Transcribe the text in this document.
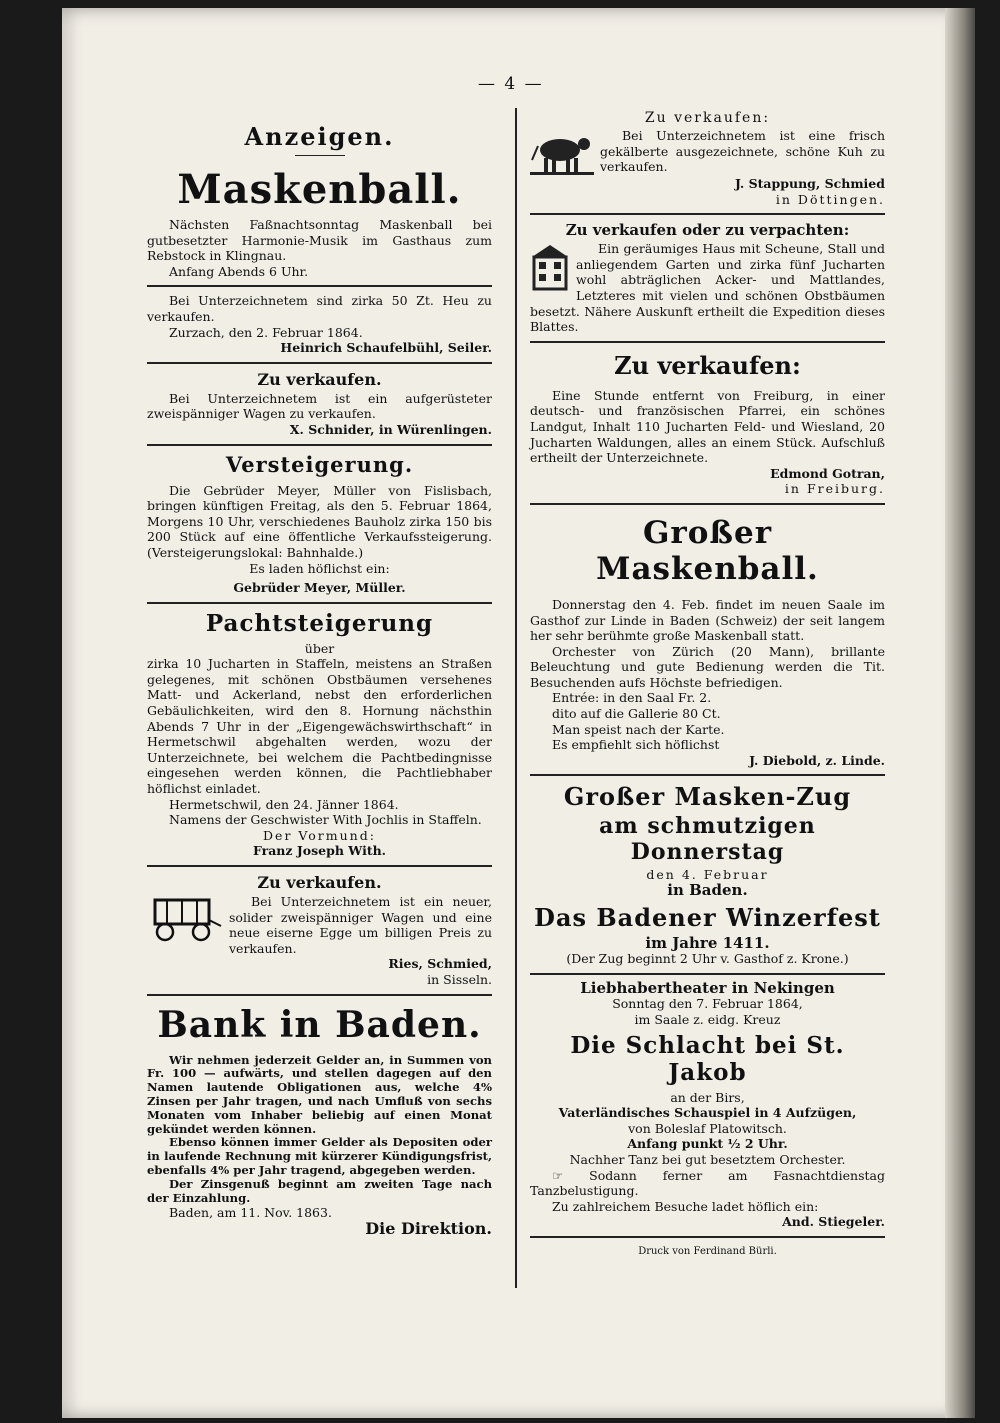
— 4 —
Anzeigen.
Maskenball.

Nächsten Faßnachtsonntag Maskenball bei gutbesetzter Harmonie-Musik im Gasthaus zum Rebstock in Klingnau.

Anfang Abends 6 Uhr.

Bei Unterzeichnetem sind zirka 50 Zt. Heu zu verkaufen.

Zurzach, den 2. Februar 1864.

Heinrich Schaufelbühl, Seiler.

Zu verkaufen.

Bei Unterzeichnetem ist ein aufgerüsteter zweispänniger Wagen zu verkaufen.

X. Schnider, in Würenlingen.

Versteigerung.

Die Gebrüder Meyer, Müller von Fislisbach, bringen künftigen Freitag, als den 5. Februar 1864, Morgens 10 Uhr, verschiedenes Bauholz zirka 150 bis 200 Stück auf eine öffentliche Verkaufssteigerung. (Versteigerungslokal: Bahnhalde.)

Es laden höflichst ein:

Gebrüder Meyer, Müller.

Pachtsteigerung

über

zirka 10 Jucharten in Staffeln, meistens an Straßen gelegenes, mit schönen Obstbäumen versehenes Matt- und Ackerland, nebst den erforderlichen Gebäulichkeiten, wird den 8. Hornung nächsthin Abends 7 Uhr in der „Eigengewächswirthschaft“ in Hermetschwil abgehalten werden, wozu der Unterzeichnete, bei welchem die Pachtbedingnisse eingesehen werden können, die Pachtliebhaber höflichst einladet.

Hermetschwil, den 24. Jänner 1864.

Namens der Geschwister With Jochlis in Staffeln.

Der Vormund:

Franz Joseph With.

Zu verkaufen.

Bei Unterzeichnetem ist ein neuer, solider zweispänniger Wagen und eine neue eiserne Egge um billigen Preis zu verkaufen.

Ries, Schmied,

in Sisseln.

Bank in Baden.

Wir nehmen jederzeit Gelder an, in Summen von Fr. 100 — aufwärts, und stellen dagegen auf den Namen lautende Obligationen aus, welche 4% Zinsen per Jahr tragen, und nach Umfluß von sechs Monaten vom Inhaber beliebig auf einen Monat gekündet werden können.

Ebenso können immer Gelder als Depositen oder in laufende Rechnung mit kürzerer Kündigungsfrist, ebenfalls 4% per Jahr tragend, abgegeben werden.

Der Zinsgenuß beginnt am zweiten Tage nach der Einzahlung.

Baden, am 11. Nov. 1863.

Die Direktion.

Zu verkaufen:

Bei Unterzeichnetem ist eine frisch gekälberte ausgezeichnete, schöne Kuh zu verkaufen.

J. Stappung, Schmied

in Döttingen.

Zu verkaufen oder zu verpachten:

Ein geräumiges Haus mit Scheune, Stall und anliegendem Garten und zirka fünf Jucharten wohl abträglichen Acker- und Mattlandes, Letzteres mit vielen und schönen Obstbäumen besetzt. Nähere Auskunft ertheilt die Expedition dieses Blattes.

Zu verkaufen:

Eine Stunde entfernt von Freiburg, in einer deutsch- und französischen Pfarrei, ein schönes Landgut, Inhalt 110 Jucharten Feld- und Wiesland, 20 Jucharten Waldungen, alles an einem Stück. Aufschluß ertheilt der Unterzeichnete.

Edmond Gotran,

in Freiburg.

Großer Maskenball.

Donnerstag den 4. Feb. findet im neuen Saale im Gasthof zur Linde in Baden (Schweiz) der seit langem her sehr berühmte große Maskenball statt.

Orchester von Zürich (20 Mann), brillante Beleuchtung und gute Bedienung werden die Tit. Besuchenden aufs Höchste befriedigen.

Entrée: in den Saal Fr. 2.

dito auf die Gallerie 80 Ct.

Man speist nach der Karte.

Es empfiehlt sich höflichst

J. Diebold, z. Linde.

Großer Masken-Zug
am schmutzigen Donnerstag

den 4. Februar

in Baden.

Das Badener Winzerfest

im Jahre 1411.

(Der Zug beginnt 2 Uhr v. Gasthof z. Krone.)

Liebhabertheater in Nekingen

Sonntag den 7. Februar 1864,

im Saale z. eidg. Kreuz

Die Schlacht bei St. Jakob

an der Birs,

Vaterländisches Schauspiel in 4 Aufzügen,

von Boleslaf Platowitsch.

Anfang punkt ½ 2 Uhr.

Nachher Tanz bei gut besetztem Orchester.

☞ Sodann ferner am Fasnachtdienstag Tanzbelustigung.

Zu zahlreichem Besuche ladet höflich ein:

And. Stiegeler.

Druck von Ferdinand Bürli.
